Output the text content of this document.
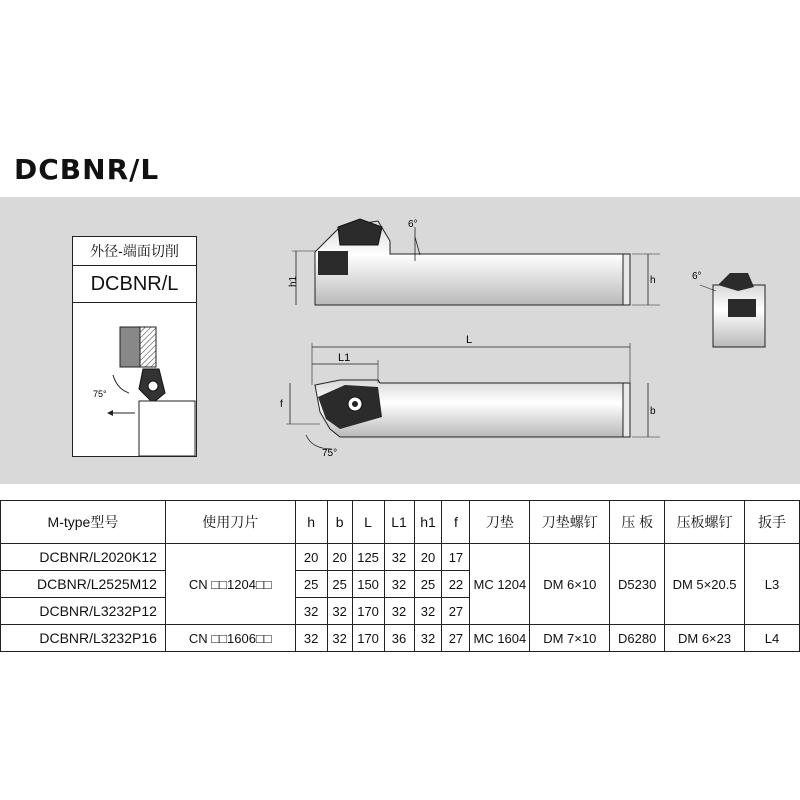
DCBNR/L
外径-端面切削
DCBNR/L
75°
6°
h1	h	6°
L
L1
f
b
75°
M-type型号	使用刀片	h	b	L	L1	h1	f	刀垫	刀垫螺钉	压 板	压板螺钉	扳手
DCBNR/L2020K12	CN □□1204□□	20	20	125	32	20	17	MC 1204	DM 6×10	D5230	DM 5×20.5	L3
DCBNR/L2525M12		25	25	150	32	25	22					
DCBNR/L3232P12		32	32	170	32	32	27					
DCBNR/L3232P16	CN □□1606□□	32	32	170	36	32	27	MC 1604	DM 7×10	D6280	DM 6×23	L4
